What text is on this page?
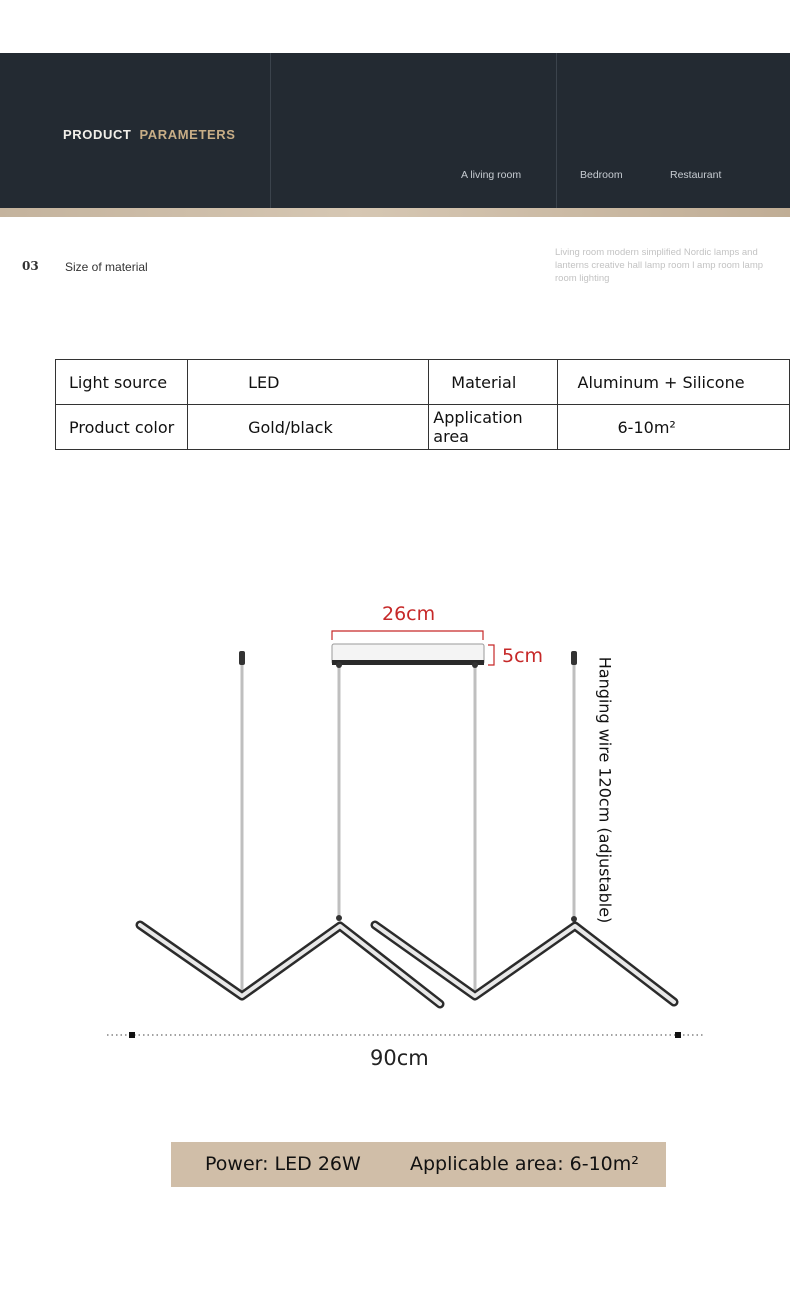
PRODUCT PARAMETERS
A living room	Bedroom	Restaurant
03 Size of material
Living room modern simplified Nordic lamps and lanterns creative hall lamp room l amp room lamp room lighting
Light source	LED	Material	Aluminum + Silicone
Product color	Gold/black	Application area	6-10m²
26cm
5cm
Hanging wire 120cm (adjustable)
90cm
Power: LED 26W	Applicable area: 6-10m²
